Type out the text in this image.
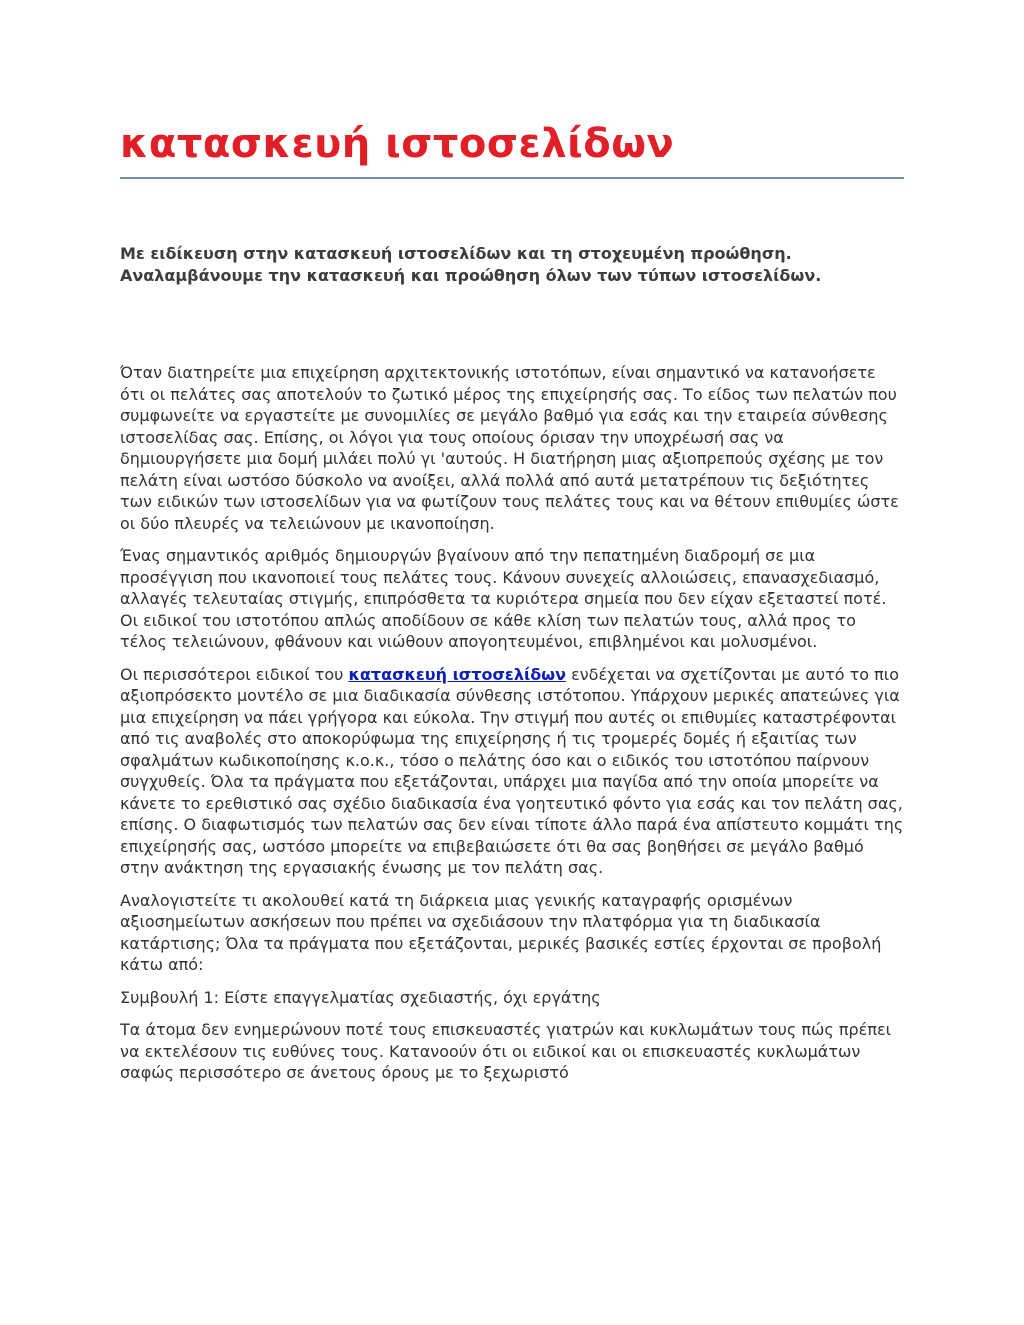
κατασκευή ιστοσελίδων

Με ειδίκευση στην κατασκευή ιστοσελίδων και τη στοχευμένη προώθηση. Αναλαμβάνουμε την κατασκευή και προώθηση όλων των τύπων ιστοσελίδων.

Όταν διατηρείτε μια επιχείρηση αρχιτεκτονικής ιστοτόπων, είναι σημαντικό να κατανοήσετε ότι οι πελάτες σας αποτελούν το ζωτικό μέρος της επιχείρησής σας. Το είδος των πελατών που συμφωνείτε να εργαστείτε με συνομιλίες σε μεγάλο βαθμό για εσάς και την εταιρεία σύνθεσης ιστοσελίδας σας. Επίσης, οι λόγοι για τους οποίους όρισαν την υποχρέωσή σας να δημιουργήσετε μια δομή μιλάει πολύ γι 'αυτούς. Η διατήρηση μιας αξιοπρεπούς σχέσης με τον πελάτη είναι ωστόσο δύσκολο να ανοίξει, αλλά πολλά από αυτά μετατρέπουν τις δεξιότητες των ειδικών των ιστοσελίδων για να φωτίζουν τους πελάτες τους και να θέτουν επιθυμίες ώστε οι δύο πλευρές να τελειώνουν με ικανοποίηση.

Ένας σημαντικός αριθμός δημιουργών βγαίνουν από την πεπατημένη διαδρομή σε μια προσέγγιση που ικανοποιεί τους πελάτες τους. Κάνουν συνεχείς αλλοιώσεις, επανασχεδιασμό, αλλαγές τελευταίας στιγμής, επιπρόσθετα τα κυριότερα σημεία που δεν είχαν εξεταστεί ποτέ. Οι ειδικοί του ιστοτόπου απλώς αποδίδουν σε κάθε κλίση των πελατών τους, αλλά προς το τέλος τελειώνουν, φθάνουν και νιώθουν απογοητευμένοι, επιβλημένοι και μολυσμένοι.

Οι περισσότεροι ειδικοί του κατασκευή ιστοσελίδων ενδέχεται να σχετίζονται με αυτό το πιο αξιοπρόσεκτο μοντέλο σε μια διαδικασία σύνθεσης ιστότοπου. Υπάρχουν μερικές απατεώνες για μια επιχείρηση να πάει γρήγορα και εύκολα. Την στιγμή που αυτές οι επιθυμίες καταστρέφονται από τις αναβολές στο αποκορύφωμα της επιχείρησης ή τις τρομερές δομές ή εξαιτίας των σφαλμάτων κωδικοποίησης κ.ο.κ., τόσο ο πελάτης όσο και ο ειδικός του ιστοτόπου παίρνουν συγχυθείς. Όλα τα πράγματα που εξετάζονται, υπάρχει μια παγίδα από την οποία μπορείτε να κάνετε το ερεθιστικό σας σχέδιο διαδικασία ένα γοητευτικό φόντο για εσάς και τον πελάτη σας, επίσης. Ο διαφωτισμός των πελατών σας δεν είναι τίποτε άλλο παρά ένα απίστευτο κομμάτι της επιχείρησής σας, ωστόσο μπορείτε να επιβεβαιώσετε ότι θα σας βοηθήσει σε μεγάλο βαθμό στην ανάκτηση της εργασιακής ένωσης με τον πελάτη σας.

Αναλογιστείτε τι ακολουθεί κατά τη διάρκεια μιας γενικής καταγραφής ορισμένων αξιοσημείωτων ασκήσεων που πρέπει να σχεδιάσουν την πλατφόρμα για τη διαδικασία κατάρτισης; Όλα τα πράγματα που εξετάζονται, μερικές βασικές εστίες έρχονται σε προβολή κάτω από:

Συμβουλή 1: Είστε επαγγελματίας σχεδιαστής, όχι εργάτης

Τα άτομα δεν ενημερώνουν ποτέ τους επισκευαστές γιατρών και κυκλωμάτων τους πώς πρέπει να εκτελέσουν τις ευθύνες τους. Κατανοούν ότι οι ειδικοί και οι επισκευαστές κυκλωμάτων σαφώς περισσότερο σε άνετους όρους με το ξεχωριστό
